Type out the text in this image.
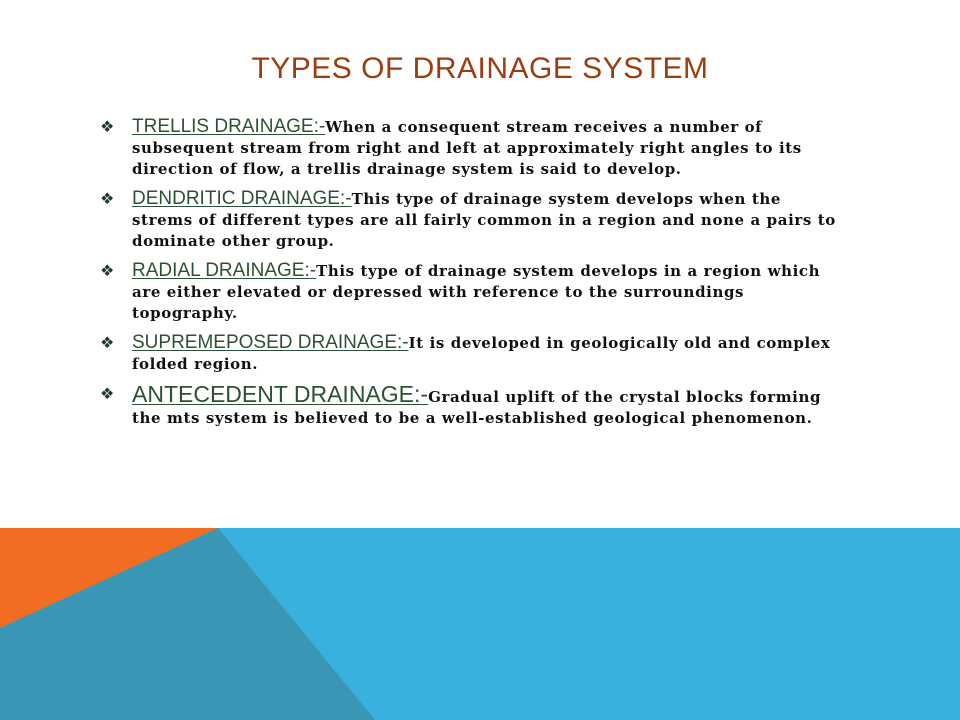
TYPES OF DRAINAGE SYSTEM
❖ TRELLIS DRAINAGE:-When a consequent stream receives a number of subsequent stream from right and left at approximately right angles to its direction of flow, a trellis drainage system is said to develop.
❖ DENDRITIC DRAINAGE:-This type of drainage system develops when the strems of different types are all fairly common in a region and none a pairs to dominate other group.
❖ RADIAL DRAINAGE:-This type of drainage system develops in a region which are either elevated or depressed with reference to the surroundings topography.
❖ SUPREMEPOSED DRAINAGE:-It is developed in geologically old and complex folded region.
❖ ANTECEDENT DRAINAGE:-Gradual uplift of the crystal blocks forming the mts system is believed to be a well-established geological phenomenon.
